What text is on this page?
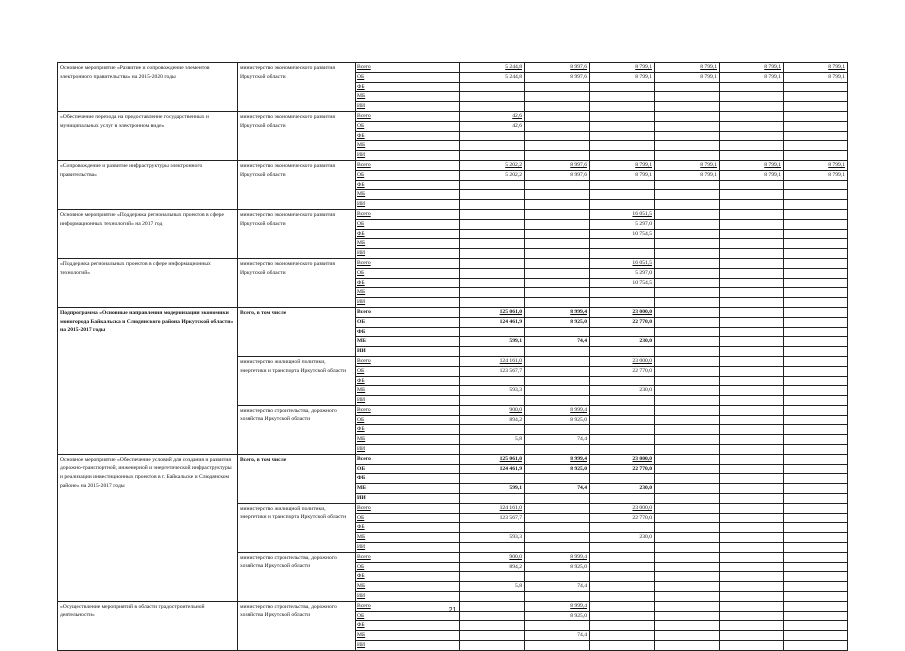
Основное мероприятие «Развитие и сопровождение элементов электронного правительства» на 2015-2020 годы	министерство экономического развития Иркутской области	Всего	5 244,8	8 997,6	8 799,1	8 799,1	8 799,1	8 799,1
		ОБ	5 244,8	8 997,6	8 799,1	8 799,1	8 799,1	8 799,1
		ФБ						
		МБ						
		ИИ						
«Обеспечение перехода на предоставление государственных и муниципальных услуг в электронном виде»	министерство экономического развития Иркутской области	Всего	42,6					
		ОБ	42,6					
		ФБ						
		МБ						
		ИИ						
«Сопровождение и развитие инфраструктуры электронного правительства»	министерство экономического развития Иркутской области	Всего	5 202,2	8 997,6	8 799,1	8 799,1	8 799,1	8 799,1
		ОБ	5 202,2	8 997,6	8 799,1	8 799,1	8 799,1	8 799,1
		ФБ						
		МБ						
		ИИ						
Основное мероприятие «Поддержка региональных проектов в сфере информационных технологий» на 2017 год	министерство экономического развития Иркутской области	Всего			16 051,5			
		ОБ			5 297,0			
		ФБ			10 754,5			
		МБ						
		ИИ						
«Поддержка региональных проектов в сфере информационных технологий»	министерство экономического развития Иркутской области	Всего			16 051,5			
		ОБ			5 297,0			
		ФБ			10 754,5			
		МБ						
		ИИ						
Подпрограмма «Основные направления модернизации экономики моногорода Байкальска и Слюдянского района Иркутской области» на 2015-2017 годы	Всего, в том числе	Всего	125 061,0	8 999,4	23 000,0			
		ОБ	124 461,9	8 925,0	22 770,0			
		ФБ						
		МБ	599,1	74,4	230,0			
		ИИ						
	министерство жилищной политики, энергетики и транспорта Иркутской области	Всего	124 161,0		23 000,0			
		ОБ	123 567,7		22 770,0			
		ФБ						
		МБ	593,3		230,0			
		ИИ						
	министерство строительства, дорожного хозяйства Иркутской области	Всего	900,0	8 999,4				
		ОБ	894,2	8 925,0				
		ФБ						
		МБ	5,8	74,4				
		ИИ						
Основное мероприятие «Обеспечение условий для создания и развития дорожно-транспортной, инженерной и энергетической инфраструктуры и реализации инвестиционных проектов в г. Байкальске и Слюдянском районе» на 2015-2017 годы	Всего, в том числе	Всего	125 061,0	8 999,4	23 000,0			
		ОБ	124 461,9	8 925,0	22 770,0			
		ФБ						
		МБ	599,1	74,4	230,0			
		ИИ						
	министерство жилищной политики, энергетики и транспорта Иркутской области	Всего	124 161,0		23 000,0			
		ОБ	123 567,7		22 770,0			
		ФБ						
		МБ	593,3		230,0			
		ИИ						
	министерство строительства, дорожного хозяйства Иркутской области	Всего	900,0	8 999,4				
		ОБ	894,2	8 925,0				
		ФБ						
		МБ	5,8	74,4				
		ИИ						
«Осуществление мероприятий в области градостроительной деятельности»	министерство строительства, дорожного хозяйства Иркутской области	Всего		8 999,4				
		ОБ		8 925,0				
		ФБ						
		МБ		74,4				
		ИИ						
21
